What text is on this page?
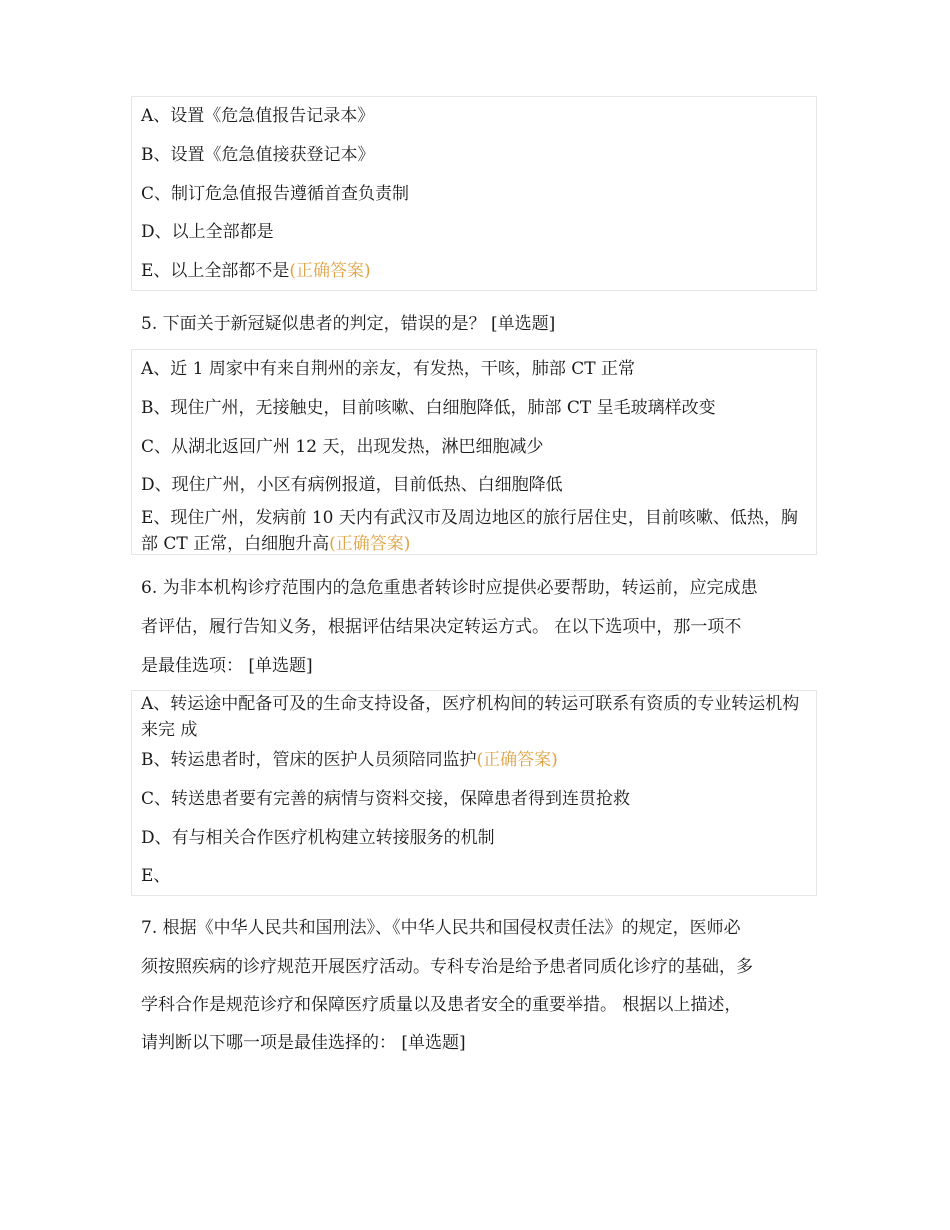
A、设置《危急值报告记录本》
B、设置《危急值接获登记本》
C、制订危急值报告遵循首查负责制
D、以上全部都是
E、以上全部都不是(正确答案)
5. 下面关于新冠疑似患者的判定，错误的是？ [单选题]
A、近 1 周家中有来自荆州的亲友，有发热，干咳，肺部 CT 正常
B、现住广州，无接触史，目前咳嗽、白细胞降低，肺部 CT 呈毛玻璃样改变
C、从湖北返回广州 12 天，出现发热，淋巴细胞减少
D、现住广州，小区有病例报道，目前低热、白细胞降低
E、现住广州，发病前 10 天内有武汉市及周边地区的旅行居住史，目前咳嗽、低热，胸部 CT 正常，白细胞升高(正确答案)
6. 为非本机构诊疗范围内的急危重患者转诊时应提供必要帮助，转运前，应完成患
者评估，履行告知义务，根据评估结果决定转运方式。 在以下选项中，那一项不
是最佳选项： [单选题]
A、转运途中配备可及的生命支持设备，医疗机构间的转运可联系有资质的专业转运机构来完 成
B、转运患者时，管床的医护人员须陪同监护(正确答案)
C、转送患者要有完善的病情与资料交接，保障患者得到连贯抢救
D、有与相关合作医疗机构建立转接服务的机制
E、
7. 根据《中华人民共和国刑法》、《中华人民共和国侵权责任法》的规定，医师必
须按照疾病的诊疗规范开展医疗活动。专科专治是给予患者同质化诊疗的基础，多
学科合作是规范诊疗和保障医疗质量以及患者安全的重要举措。 根据以上描述，
请判断以下哪一项是最佳选择的： [单选题]
